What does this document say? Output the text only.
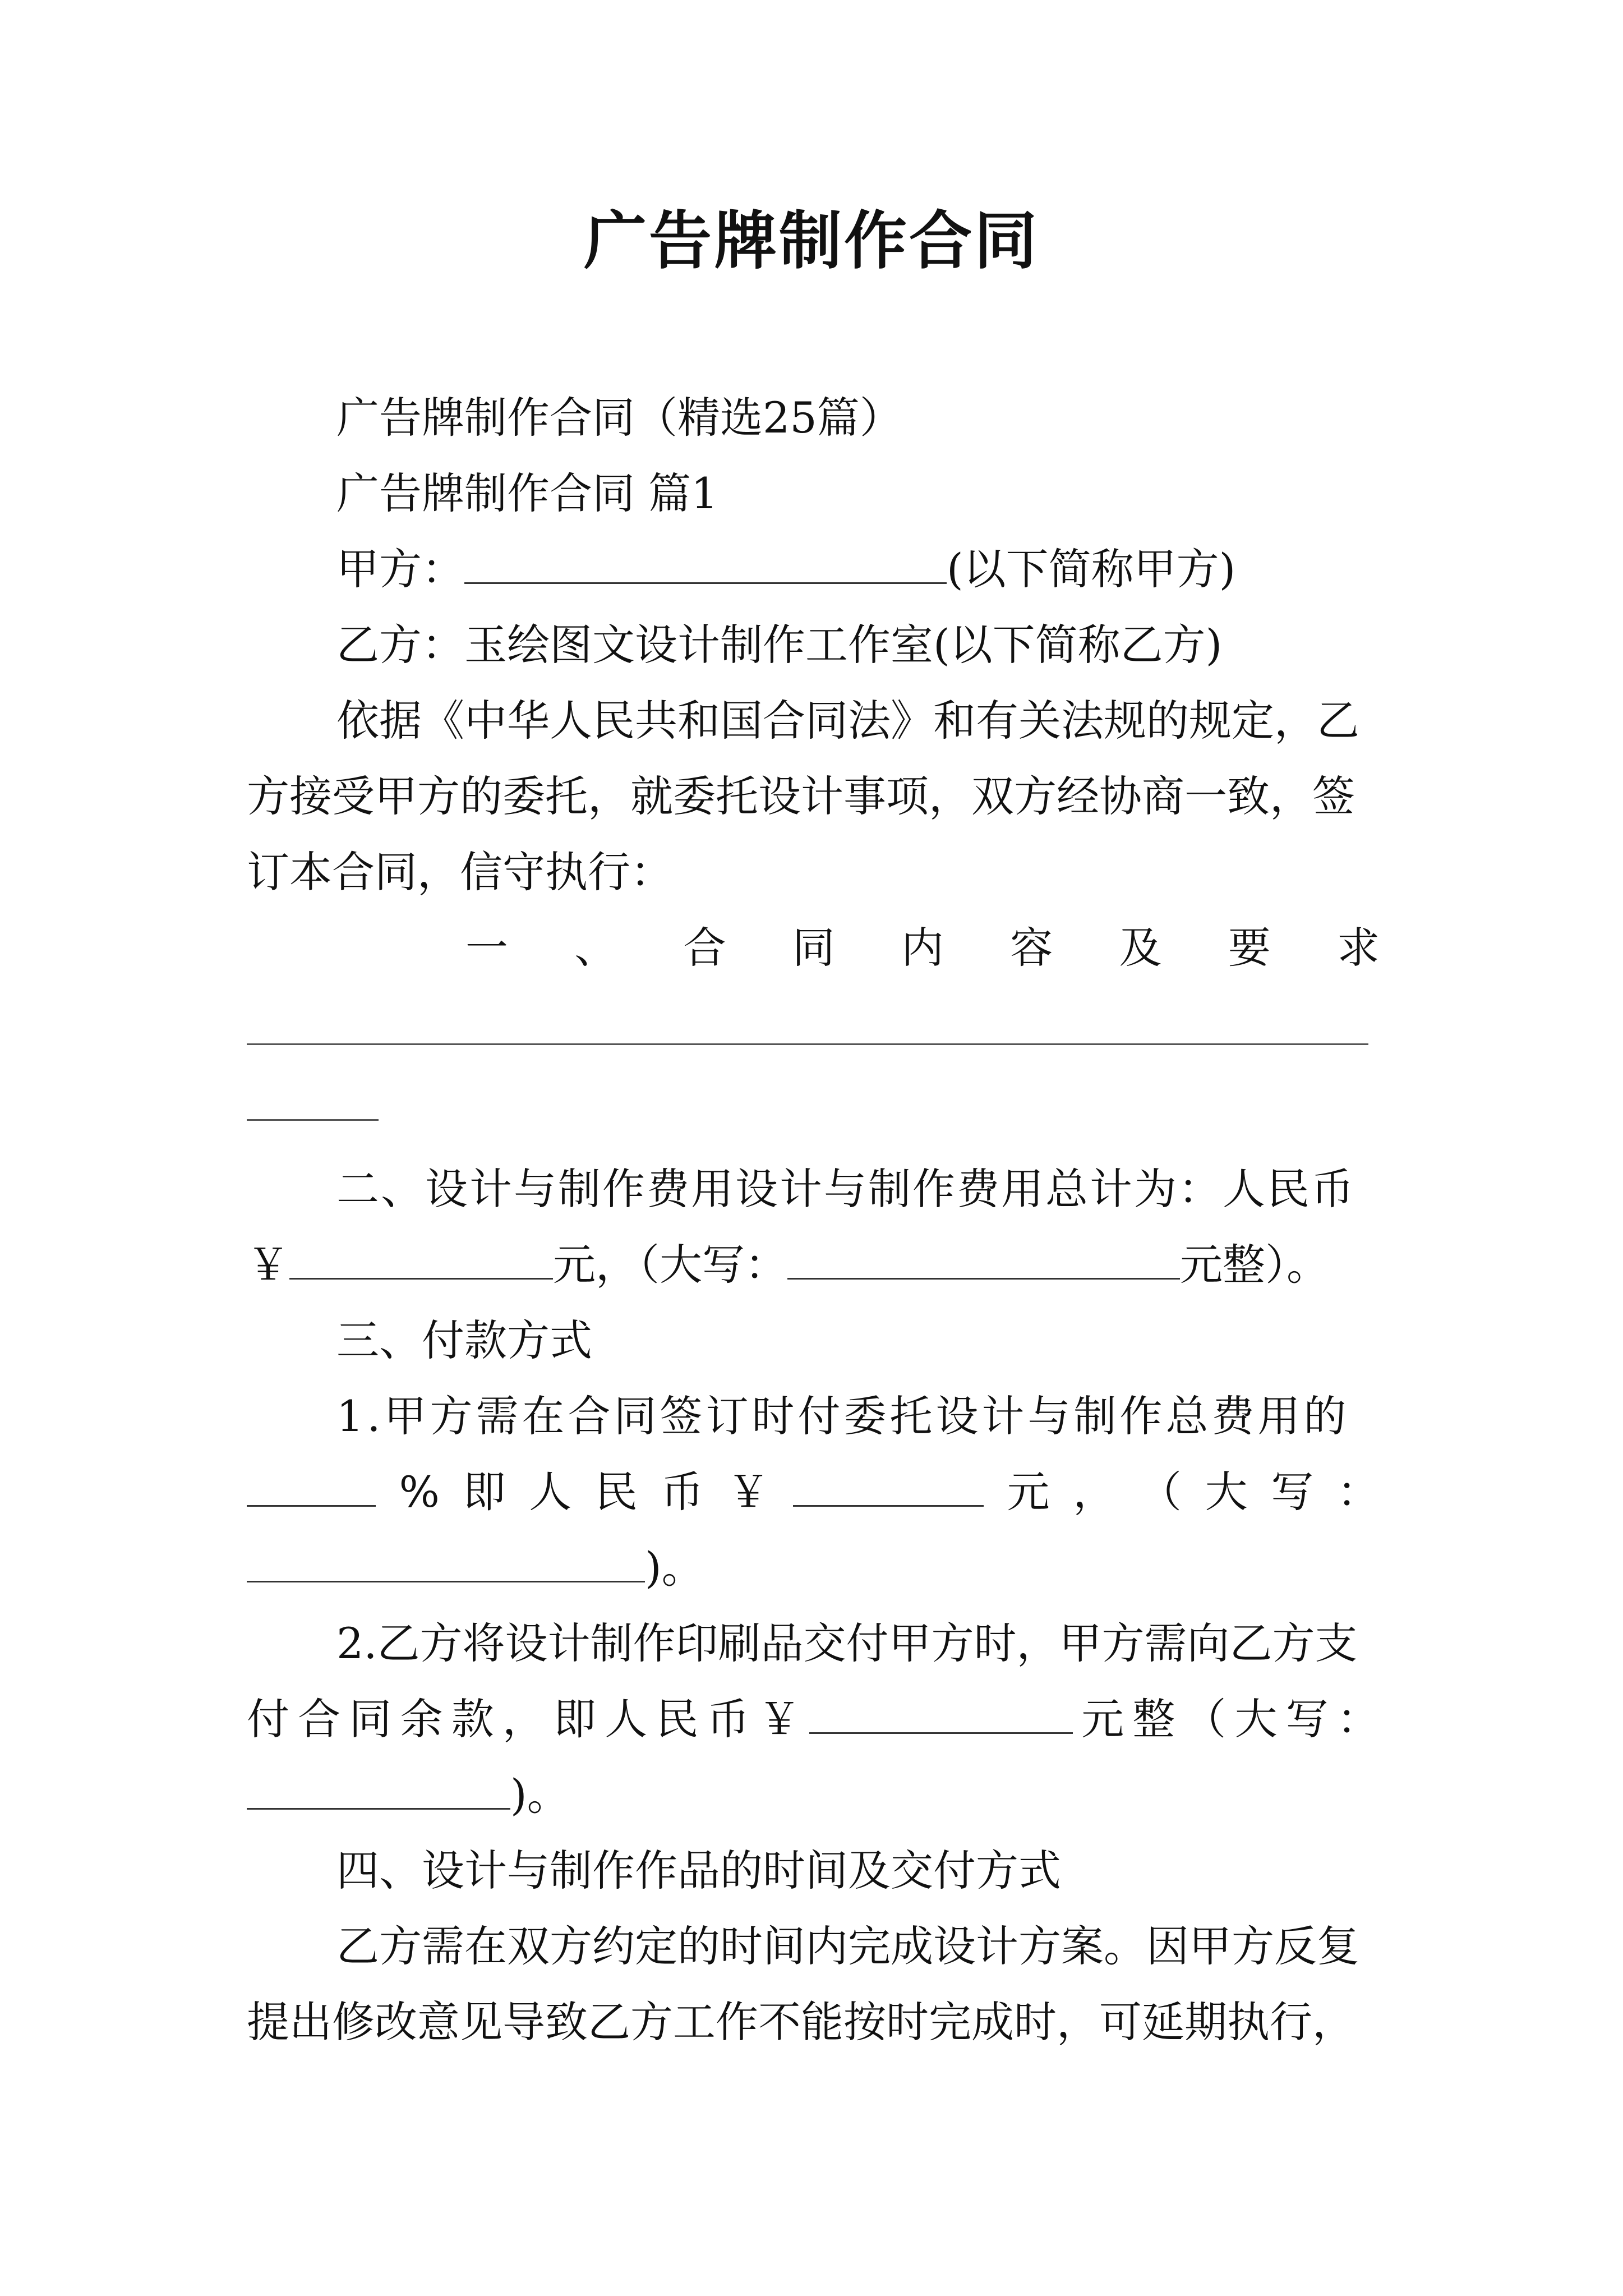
广告牌制作合同
广告牌制作合同（精选25篇）
广告牌制作合同 篇1
甲方：	(以下简称甲方)
乙方：玉绘图文设计制作工作室(以下简称乙方)
依据《中华人民共和国合同法》和有关法规的规定，乙
方接受甲方的委托，就委托设计事项，双方经协商一致，签
订本合同，信守执行：
一 、 合 同 内 容 及 要 求
二、设计与制作费用设计与制作费用总计为：人民币
￥	元，（大写：	元整）。
三、付款方式
1.甲方需在合同签订时付委托设计与制作总费用的
% 即 人 民 币 ￥	元 ， （ 大 写 ：
)。
2.乙方将设计制作印刷品交付甲方时，甲方需向乙方支
付 合 同 余 款 ， 即 人 民 币 ￥	元 整 （ 大 写 ：
)。
四、设计与制作作品的时间及交付方式
乙方需在双方约定的时间内完成设计方案。因甲方反复
提出修改意见导致乙方工作不能按时完成时，可延期执行，
